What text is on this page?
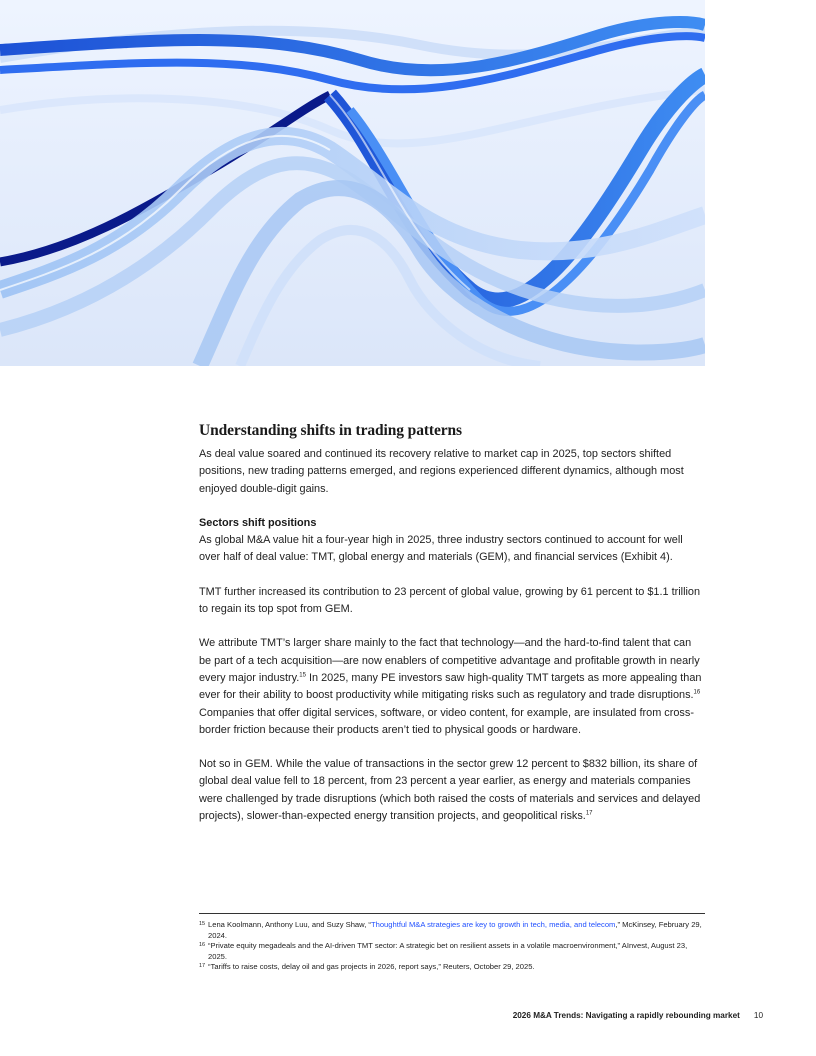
Understanding shifts in trading patterns

As deal value soared and continued its recovery relative to market cap in 2025, top sectors shifted positions, new trading patterns emerged, and regions experienced different dynamics, although most enjoyed double-digit gains.

Sectors shift positions

As global M&A value hit a four-year high in 2025, three industry sectors continued to account for well over half of deal value: TMT, global energy and materials (GEM), and financial services (Exhibit 4).

TMT further increased its contribution to 23 percent of global value, growing by 61 percent to $1.1 trillion to regain its top spot from GEM.

We attribute TMT’s larger share mainly to the fact that technology—and the hard-to-find talent that can be part of a tech acquisition—are now enablers of competitive advantage and profitable growth in nearly every major industry.$^{15}$ In 2025, many PE investors saw high-quality TMT targets as more appealing than ever for their ability to boost productivity while mitigating risks such as regulatory and trade disruptions.$^{16}$ Companies that offer digital services, software, or video content, for example, are insulated from cross-border friction because their products aren’t tied to physical goods or hardware.

Not so in GEM. While the value of transactions in the sector grew 12 percent to $832 billion, its share of global deal value fell to 18 percent, from 23 percent a year earlier, as energy and materials companies were challenged by trade disruptions (which both raised the costs of materials and services and delayed projects), slower-than-expected energy transition projects, and geopolitical risks.$^{17}$

15 Lena Koolmann, Anthony Luu, and Suzy Shaw, “Thoughtful M&A strategies are key to growth in tech, media, and telecom,” McKinsey, February 29, 2024.
16 “Private equity megadeals and the AI-driven TMT sector: A strategic bet on resilient assets in a volatile macroenvironment,” AInvest, August 23, 2025.
17 “Tariffs to raise costs, delay oil and gas projects in 2026, report says,” Reuters, October 29, 2025.
2026 M&A Trends: Navigating a rapidly rebounding market 10
